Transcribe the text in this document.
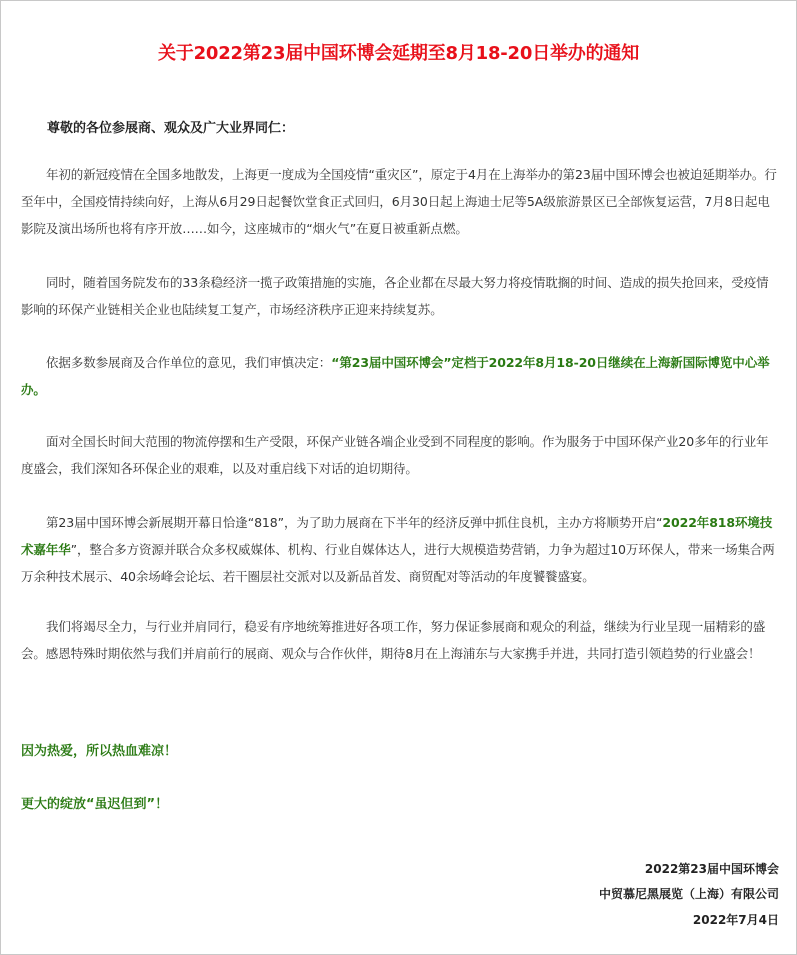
关于2022第23届中国环博会延期至8月18-20日举办的通知
尊敬的各位参展商、观众及广大业界同仁：

年初的新冠疫情在全国多地散发，上海更一度成为全国疫情“重灾区”，原定于4月在上海举办的第23届中国环博会也被迫延期举办。行至年中，全国疫情持续向好，上海从6月29日起餐饮堂食正式回归，6月30日起上海迪士尼等5A级旅游景区已全部恢复运营，7月8日起电影院及演出场所也将有序开放……如今，这座城市的“烟火气”在夏日被重新点燃。

同时，随着国务院发布的33条稳经济一揽子政策措施的实施，各企业都在尽最大努力将疫情耽搁的时间、造成的损失抢回来，受疫情影响的环保产业链相关企业也陆续复工复产，市场经济秩序正迎来持续复苏。

依据多数参展商及合作单位的意见，我们审慎决定：“第23届中国环博会”定档于2022年8月18-20日继续在上海新国际博览中心举办。

面对全国长时间大范围的物流停摆和生产受限，环保产业链各端企业受到不同程度的影响。作为服务于中国环保产业20多年的行业年度盛会，我们深知各环保企业的艰难，以及对重启线下对话的迫切期待。

第23届中国环博会新展期开幕日恰逢“818”，为了助力展商在下半年的经济反弹中抓住良机，主办方将顺势开启“2022年818环境技术嘉年华”，整合多方资源并联合众多权威媒体、机构、行业自媒体达人，进行大规模造势营销，力争为超过10万环保人，带来一场集合两万余种技术展示、40余场峰会论坛、若干圈层社交派对以及新品首发、商贸配对等活动的年度饕餮盛宴。

我们将竭尽全力，与行业并肩同行，稳妥有序地统筹推进好各项工作，努力保证参展商和观众的利益，继续为行业呈现一届精彩的盛会。感恩特殊时期依然与我们并肩前行的展商、观众与合作伙伴，期待8月在上海浦东与大家携手并进，共同打造引领趋势的行业盛会！

因为热爱，所以热血难凉！
更大的绽放“虽迟但到”！
2022第23届中国环博会
中贸慕尼黑展览（上海）有限公司
2022年7月4日
